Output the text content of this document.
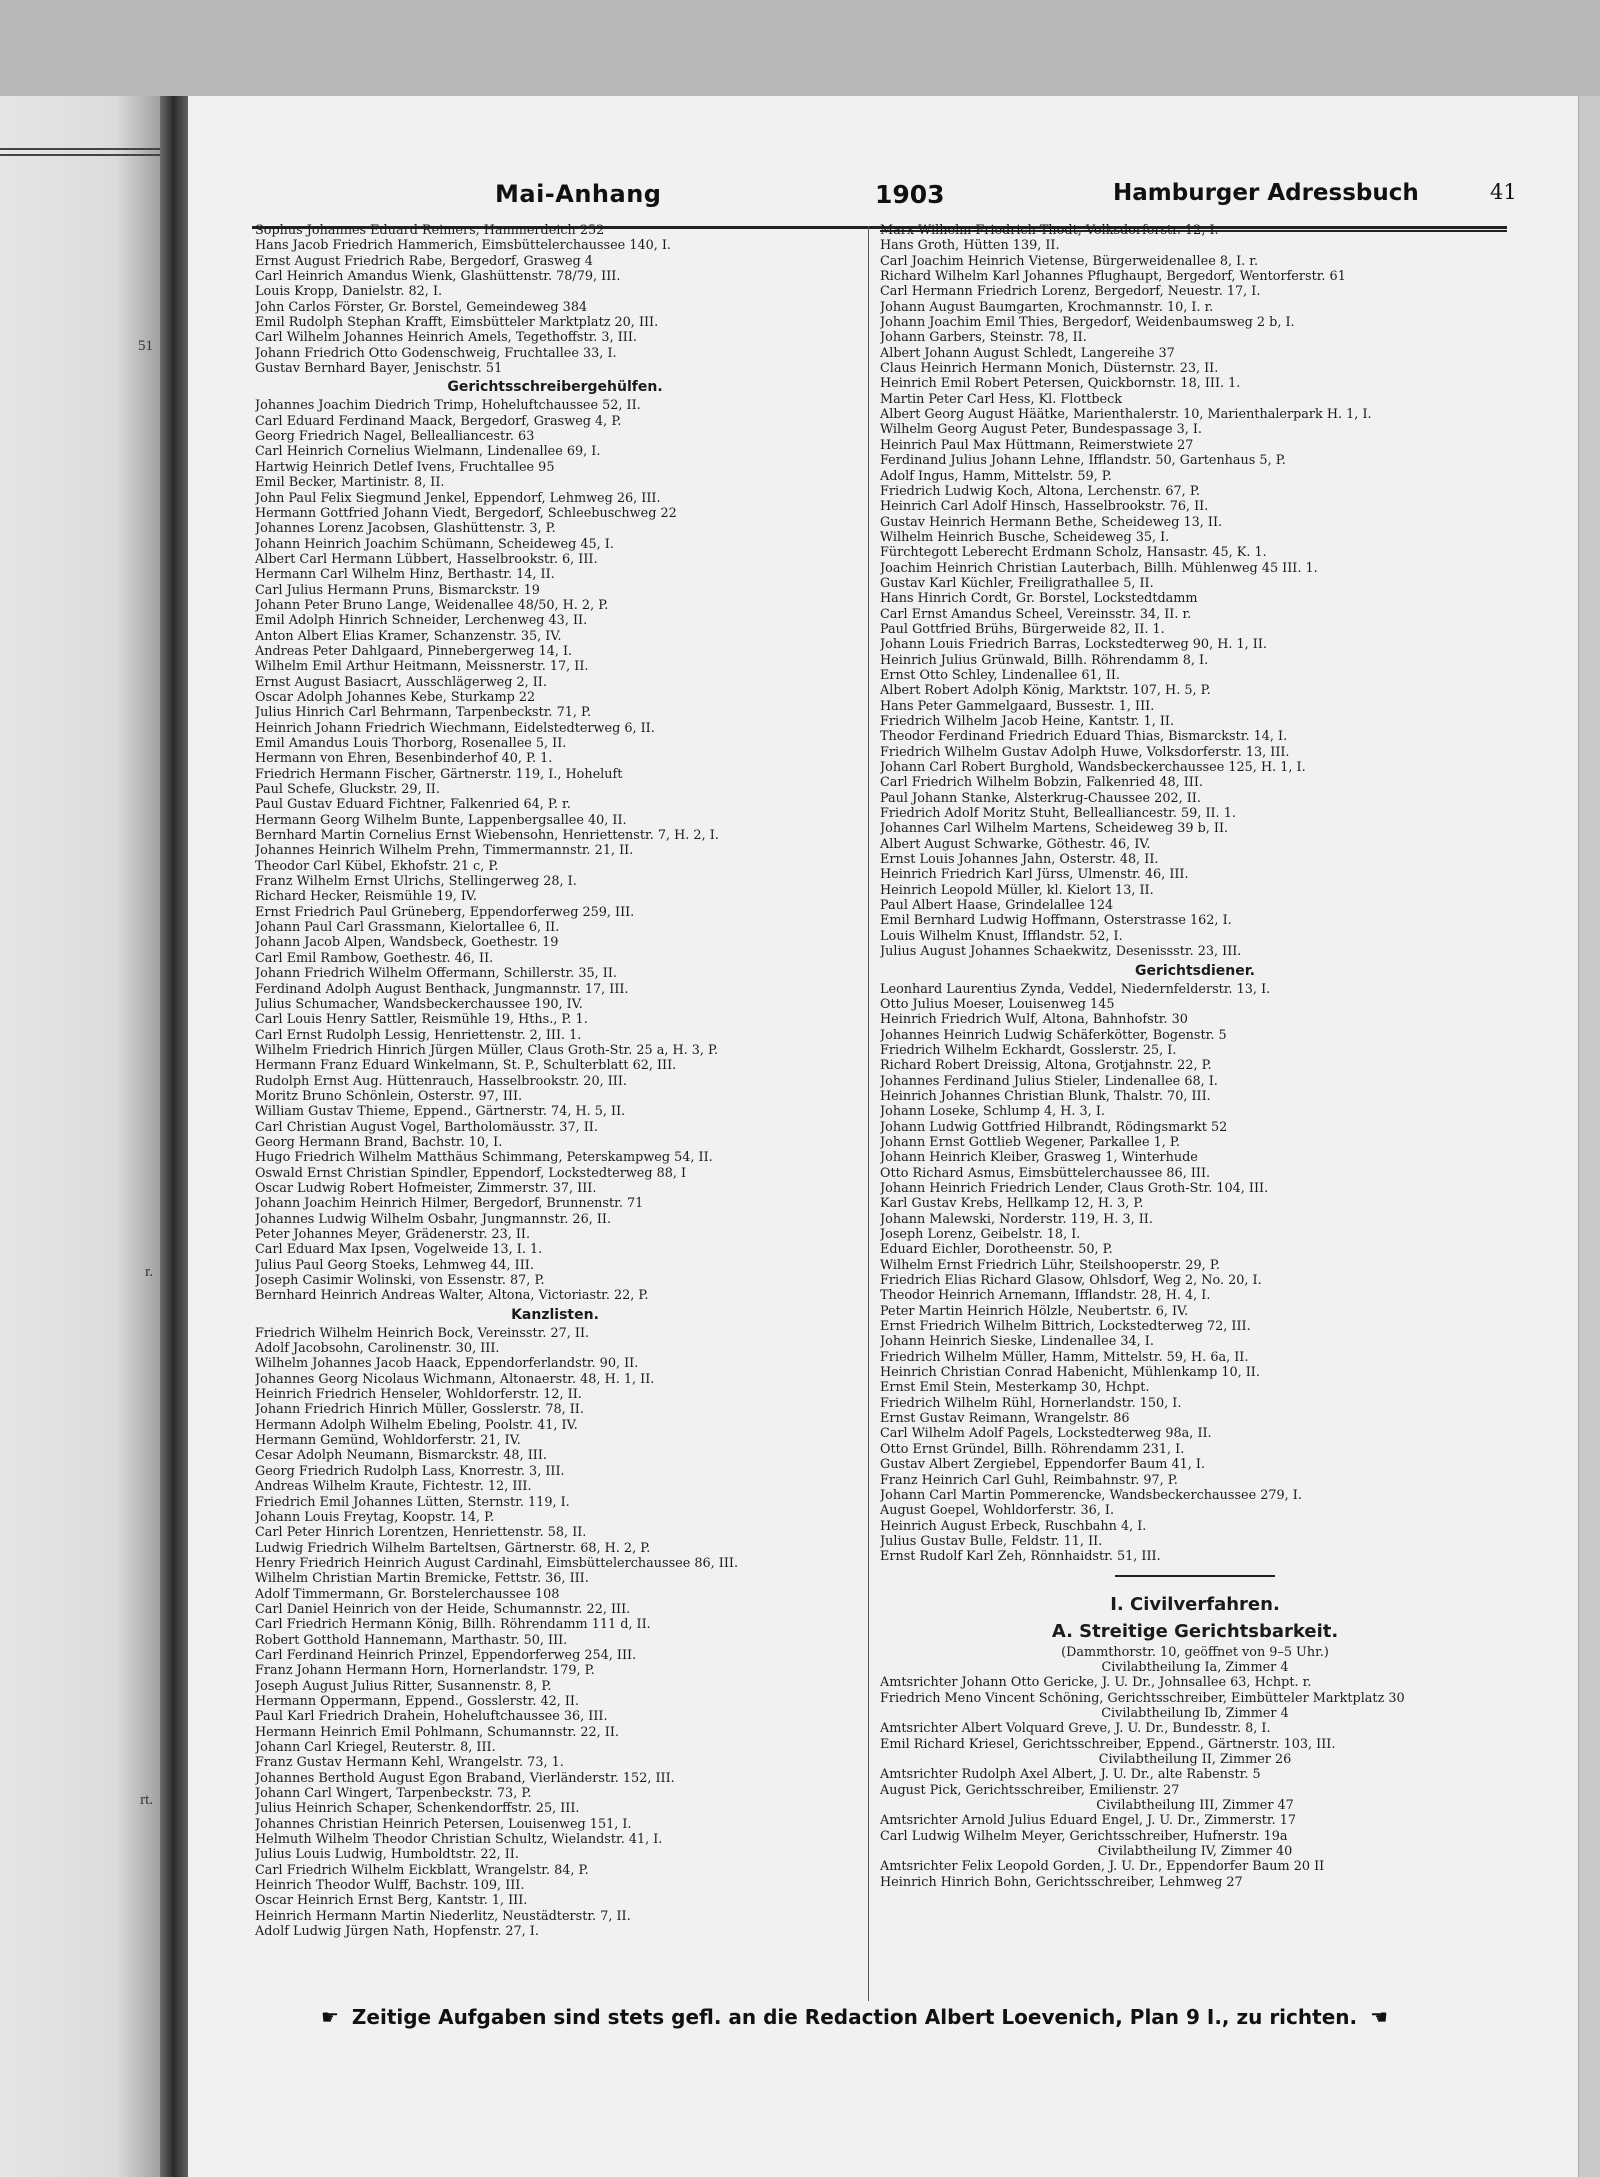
51
r.
rt.
Mai-Anhang	1903	Hamburger Adressbuch	41
Sophus Johannes Eduard Reimers, Hammerdeich 252
Hans Jacob Friedrich Hammerich, Eimsbüttelerchaussee 140, I.
Ernst August Friedrich Rabe, Bergedorf, Grasweg 4
Carl Heinrich Amandus Wienk, Glashüttenstr. 78/79, III.
Louis Kropp, Danielstr. 82, I.
John Carlos Förster, Gr. Borstel, Gemeindeweg 384
Emil Rudolph Stephan Krafft, Eimsbütteler Marktplatz 20, III.
Carl Wilhelm Johannes Heinrich Amels, Tegethoffstr. 3, III.
Johann Friedrich Otto Godenschweig, Fruchtallee 33, I.
Gustav Bernhard Bayer, Jenischstr. 51
Gerichtsschreibergehülfen.
Johannes Joachim Diedrich Trimp, Hoheluftchaussee 52, II.
Carl Eduard Ferdinand Maack, Bergedorf, Grasweg 4, P.
Georg Friedrich Nagel, Bellealliancestr. 63
Carl Heinrich Cornelius Wielmann, Lindenallee 69, I.
Hartwig Heinrich Detlef Ivens, Fruchtallee 95
Emil Becker, Martinistr. 8, II.
John Paul Felix Siegmund Jenkel, Eppendorf, Lehmweg 26, III.
Hermann Gottfried Johann Viedt, Bergedorf, Schleebuschweg 22
Johannes Lorenz Jacobsen, Glashüttenstr. 3, P.
Johann Heinrich Joachim Schümann, Scheideweg 45, I.
Albert Carl Hermann Lübbert, Hasselbrookstr. 6, III.
Hermann Carl Wilhelm Hinz, Berthastr. 14, II.
Carl Julius Hermann Pruns, Bismarckstr. 19
Johann Peter Bruno Lange, Weidenallee 48/50, H. 2, P.
Emil Adolph Hinrich Schneider, Lerchenweg 43, II.
Anton Albert Elias Kramer, Schanzenstr. 35, IV.
Andreas Peter Dahlgaard, Pinnebergerweg 14, I.
Wilhelm Emil Arthur Heitmann, Meissnerstr. 17, II.
Ernst August Basiacrt, Ausschlägerweg 2, II.
Oscar Adolph Johannes Kebe, Sturkamp 22
Julius Hinrich Carl Behrmann, Tarpenbeckstr. 71, P.
Heinrich Johann Friedrich Wiechmann, Eidelstedterweg 6, II.
Emil Amandus Louis Thorborg, Rosenallee 5, II.
Hermann von Ehren, Besenbinderhof 40, P. 1.
Friedrich Hermann Fischer, Gärtnerstr. 119, I., Hoheluft
Paul Schefe, Gluckstr. 29, II.
Paul Gustav Eduard Fichtner, Falkenried 64, P. r.
Hermann Georg Wilhelm Bunte, Lappenbergsallee 40, II.
Bernhard Martin Cornelius Ernst Wiebensohn, Henriettenstr. 7, H. 2, I.
Johannes Heinrich Wilhelm Prehn, Timmermannstr. 21, II.
Theodor Carl Kübel, Ekhofstr. 21 c, P.
Franz Wilhelm Ernst Ulrichs, Stellingerweg 28, I.
Richard Hecker, Reismühle 19, IV.
Ernst Friedrich Paul Grüneberg, Eppendorferweg 259, III.
Johann Paul Carl Grassmann, Kielortallee 6, II.
Johann Jacob Alpen, Wandsbeck, Goethestr. 19
Carl Emil Rambow, Goethestr. 46, II.
Johann Friedrich Wilhelm Offermann, Schillerstr. 35, II.
Ferdinand Adolph August Benthack, Jungmannstr. 17, III.
Julius Schumacher, Wandsbeckerchaussee 190, IV.
Carl Louis Henry Sattler, Reismühle 19, Hths., P. 1.
Carl Ernst Rudolph Lessig, Henriettenstr. 2, III. 1.
Wilhelm Friedrich Hinrich Jürgen Müller, Claus Groth-Str. 25 a, H. 3, P.
Hermann Franz Eduard Winkelmann, St. P., Schulterblatt 62, III.
Rudolph Ernst Aug. Hüttenrauch, Hasselbrookstr. 20, III.
Moritz Bruno Schönlein, Osterstr. 97, III.
William Gustav Thieme, Eppend., Gärtnerstr. 74, H. 5, II.
Carl Christian August Vogel, Bartholomäusstr. 37, II.
Georg Hermann Brand, Bachstr. 10, I.
Hugo Friedrich Wilhelm Matthäus Schimmang, Peterskampweg 54, II.
Oswald Ernst Christian Spindler, Eppendorf, Lockstedterweg 88, I
Oscar Ludwig Robert Hofmeister, Zimmerstr. 37, III.
Johann Joachim Heinrich Hilmer, Bergedorf, Brunnenstr. 71
Johannes Ludwig Wilhelm Osbahr, Jungmannstr. 26, II.
Peter Johannes Meyer, Grädenerstr. 23, II.
Carl Eduard Max Ipsen, Vogelweide 13, I. 1.
Julius Paul Georg Stoeks, Lehmweg 44, III.
Joseph Casimir Wolinski, von Essenstr. 87, P.
Bernhard Heinrich Andreas Walter, Altona, Victoriastr. 22, P.
Kanzlisten.
Friedrich Wilhelm Heinrich Bock, Vereinsstr. 27, II.
Adolf Jacobsohn, Carolinenstr. 30, III.
Wilhelm Johannes Jacob Haack, Eppendorferlandstr. 90, II.
Johannes Georg Nicolaus Wichmann, Altonaerstr. 48, H. 1, II.
Heinrich Friedrich Henseler, Wohldorferstr. 12, II.
Johann Friedrich Hinrich Müller, Gosslerstr. 78, II.
Hermann Adolph Wilhelm Ebeling, Poolstr. 41, IV.
Hermann Gemünd, Wohldorferstr. 21, IV.
Cesar Adolph Neumann, Bismarckstr. 48, III.
Georg Friedrich Rudolph Lass, Knorrestr. 3, III.
Andreas Wilhelm Kraute, Fichtestr. 12, III.
Friedrich Emil Johannes Lütten, Sternstr. 119, I.
Johann Louis Freytag, Koopstr. 14, P.
Carl Peter Hinrich Lorentzen, Henriettenstr. 58, II.
Ludwig Friedrich Wilhelm Barteltsen, Gärtnerstr. 68, H. 2, P.
Henry Friedrich Heinrich August Cardinahl, Eimsbüttelerchaussee 86, III.
Wilhelm Christian Martin Bremicke, Fettstr. 36, III.
Adolf Timmermann, Gr. Borstelerchaussee 108
Carl Daniel Heinrich von der Heide, Schumannstr. 22, III.
Carl Friedrich Hermann König, Billh. Röhrendamm 111 d, II.
Robert Gotthold Hannemann, Marthastr. 50, III.
Carl Ferdinand Heinrich Prinzel, Eppendorferweg 254, III.
Franz Johann Hermann Horn, Hornerlandstr. 179, P.
Joseph August Julius Ritter, Susannenstr. 8, P.
Hermann Oppermann, Eppend., Gosslerstr. 42, II.
Paul Karl Friedrich Drahein, Hoheluftchaussee 36, III.
Hermann Heinrich Emil Pohlmann, Schumannstr. 22, II.
Johann Carl Kriegel, Reuterstr. 8, III.
Franz Gustav Hermann Kehl, Wrangelstr. 73, 1.
Johannes Berthold August Egon Braband, Vierländerstr. 152, III.
Johann Carl Wingert, Tarpenbeckstr. 73, P.
Julius Heinrich Schaper, Schenkendorffstr. 25, III.
Johannes Christian Heinrich Petersen, Louisenweg 151, I.
Helmuth Wilhelm Theodor Christian Schultz, Wielandstr. 41, I.
Julius Louis Ludwig, Humboldtstr. 22, II.
Carl Friedrich Wilhelm Eickblatt, Wrangelstr. 84, P.
Heinrich Theodor Wulff, Bachstr. 109, III.
Oscar Heinrich Ernst Berg, Kantstr. 1, III.
Heinrich Hermann Martin Niederlitz, Neustädterstr. 7, II.
Adolf Ludwig Jürgen Nath, Hopfenstr. 27, I.
Marx Wilhelm Friedrich Thodt, Volksdorferstr. 12, I.
Hans Groth, Hütten 139, II.
Carl Joachim Heinrich Vietense, Bürgerweidenallee 8, I. r.
Richard Wilhelm Karl Johannes Pflughaupt, Bergedorf, Wentorferstr. 61
Carl Hermann Friedrich Lorenz, Bergedorf, Neuestr. 17, I.
Johann August Baumgarten, Krochmannstr. 10, I. r.
Johann Joachim Emil Thies, Bergedorf, Weidenbaumsweg 2 b, I.
Johann Garbers, Steinstr. 78, II.
Albert Johann August Schledt, Langereihe 37
Claus Heinrich Hermann Monich, Düsternstr. 23, II.
Heinrich Emil Robert Petersen, Quickbornstr. 18, III. 1.
Martin Peter Carl Hess, Kl. Flottbeck
Albert Georg August Häätke, Marienthalerstr. 10, Marienthalerpark H. 1, I.
Wilhelm Georg August Peter, Bundespassage 3, I.
Heinrich Paul Max Hüttmann, Reimerstwiete 27
Ferdinand Julius Johann Lehne, Ifflandstr. 50, Gartenhaus 5, P.
Adolf Ingus, Hamm, Mittelstr. 59, P.
Friedrich Ludwig Koch, Altona, Lerchenstr. 67, P.
Heinrich Carl Adolf Hinsch, Hasselbrookstr. 76, II.
Gustav Heinrich Hermann Bethe, Scheideweg 13, II.
Wilhelm Heinrich Busche, Scheideweg 35, I.
Fürchtegott Leberecht Erdmann Scholz, Hansastr. 45, K. 1.
Joachim Heinrich Christian Lauterbach, Billh. Mühlenweg 45 III. 1.
Gustav Karl Küchler, Freiligrathallee 5, II.
Hans Hinrich Cordt, Gr. Borstel, Lockstedtdamm
Carl Ernst Amandus Scheel, Vereinsstr. 34, II. r.
Paul Gottfried Brühs, Bürgerweide 82, II. 1.
Johann Louis Friedrich Barras, Lockstedterweg 90, H. 1, II.
Heinrich Julius Grünwald, Billh. Röhrendamm 8, I.
Ernst Otto Schley, Lindenallee 61, II.
Albert Robert Adolph König, Marktstr. 107, H. 5, P.
Hans Peter Gammelgaard, Bussestr. 1, III.
Friedrich Wilhelm Jacob Heine, Kantstr. 1, II.
Theodor Ferdinand Friedrich Eduard Thias, Bismarckstr. 14, I.
Friedrich Wilhelm Gustav Adolph Huwe, Volksdorferstr. 13, III.
Johann Carl Robert Burghold, Wandsbeckerchaussee 125, H. 1, I.
Carl Friedrich Wilhelm Bobzin, Falkenried 48, III.
Paul Johann Stanke, Alsterkrug-Chaussee 202, II.
Friedrich Adolf Moritz Stuht, Bellealliancestr. 59, II. 1.
Johannes Carl Wilhelm Martens, Scheideweg 39 b, II.
Albert August Schwarke, Göthestr. 46, IV.
Ernst Louis Johannes Jahn, Osterstr. 48, II.
Heinrich Friedrich Karl Jürss, Ulmenstr. 46, III.
Heinrich Leopold Müller, kl. Kielort 13, II.
Paul Albert Haase, Grindelallee 124
Emil Bernhard Ludwig Hoffmann, Osterstrasse 162, I.
Louis Wilhelm Knust, Ifflandstr. 52, I.
Julius August Johannes Schaekwitz, Desenissstr. 23, III.
Gerichtsdiener.
Leonhard Laurentius Zynda, Veddel, Niedernfelderstr. 13, I.
Otto Julius Moeser, Louisenweg 145
Heinrich Friedrich Wulf, Altona, Bahnhofstr. 30
Johannes Heinrich Ludwig Schäferkötter, Bogenstr. 5
Friedrich Wilhelm Eckhardt, Gosslerstr. 25, I.
Richard Robert Dreissig, Altona, Grotjahnstr. 22, P.
Johannes Ferdinand Julius Stieler, Lindenallee 68, I.
Heinrich Johannes Christian Blunk, Thalstr. 70, III.
Johann Loseke, Schlump 4, H. 3, I.
Johann Ludwig Gottfried Hilbrandt, Rödingsmarkt 52
Johann Ernst Gottlieb Wegener, Parkallee 1, P.
Johann Heinrich Kleiber, Grasweg 1, Winterhude
Otto Richard Asmus, Eimsbüttelerchaussee 86, III.
Johann Heinrich Friedrich Lender, Claus Groth-Str. 104, III.
Karl Gustav Krebs, Hellkamp 12, H. 3, P.
Johann Malewski, Norderstr. 119, H. 3, II.
Joseph Lorenz, Geibelstr. 18, I.
Eduard Eichler, Dorotheenstr. 50, P.
Wilhelm Ernst Friedrich Lühr, Steilshooperstr. 29, P.
Friedrich Elias Richard Glasow, Ohlsdorf, Weg 2, No. 20, I.
Theodor Heinrich Arnemann, Ifflandstr. 28, H. 4, I.
Peter Martin Heinrich Hölzle, Neubertstr. 6, IV.
Ernst Friedrich Wilhelm Bittrich, Lockstedterweg 72, III.
Johann Heinrich Sieske, Lindenallee 34, I.
Friedrich Wilhelm Müller, Hamm, Mittelstr. 59, H. 6a, II.
Heinrich Christian Conrad Habenicht, Mühlenkamp 10, II.
Ernst Emil Stein, Mesterkamp 30, Hchpt.
Friedrich Wilhelm Rühl, Hornerlandstr. 150, I.
Ernst Gustav Reimann, Wrangelstr. 86
Carl Wilhelm Adolf Pagels, Lockstedterweg 98a, II.
Otto Ernst Gründel, Billh. Röhrendamm 231, I.
Gustav Albert Zergiebel, Eppendorfer Baum 41, I.
Franz Heinrich Carl Guhl, Reimbahnstr. 97, P.
Johann Carl Martin Pommerencke, Wandsbeckerchaussee 279, I.
August Goepel, Wohldorferstr. 36, I.
Heinrich August Erbeck, Ruschbahn 4, I.
Julius Gustav Bulle, Feldstr. 11, II.
Ernst Rudolf Karl Zeh, Rönnhaidstr. 51, III.
I. Civilverfahren.
A. Streitige Gerichtsbarkeit.
(Dammthorstr. 10, geöffnet von 9–5 Uhr.)
Civilabtheilung Ia, Zimmer 4
Amtsrichter Johann Otto Gericke, J. U. Dr., Johnsallee 63, Hchpt. r.
Friedrich Meno Vincent Schöning, Gerichtsschreiber, Eimbütteler Marktplatz 30
Civilabtheilung Ib, Zimmer 4
Amtsrichter Albert Volquard Greve, J. U. Dr., Bundesstr. 8, I.
Emil Richard Kriesel, Gerichtsschreiber, Eppend., Gärtnerstr. 103, III.
Civilabtheilung II, Zimmer 26
Amtsrichter Rudolph Axel Albert, J. U. Dr., alte Rabenstr. 5
August Pick, Gerichtsschreiber, Emilienstr. 27
Civilabtheilung III, Zimmer 47
Amtsrichter Arnold Julius Eduard Engel, J. U. Dr., Zimmerstr. 17
Carl Ludwig Wilhelm Meyer, Gerichtsschreiber, Hufnerstr. 19a
Civilabtheilung IV, Zimmer 40
Amtsrichter Felix Leopold Gorden, J. U. Dr., Eppendorfer Baum 20 II
Heinrich Hinrich Bohn, Gerichtsschreiber, Lehmweg 27
☛ Zeitige Aufgaben sind stets gefl. an die Redaction Albert Loevenich, Plan 9 I., zu richten. ☛
